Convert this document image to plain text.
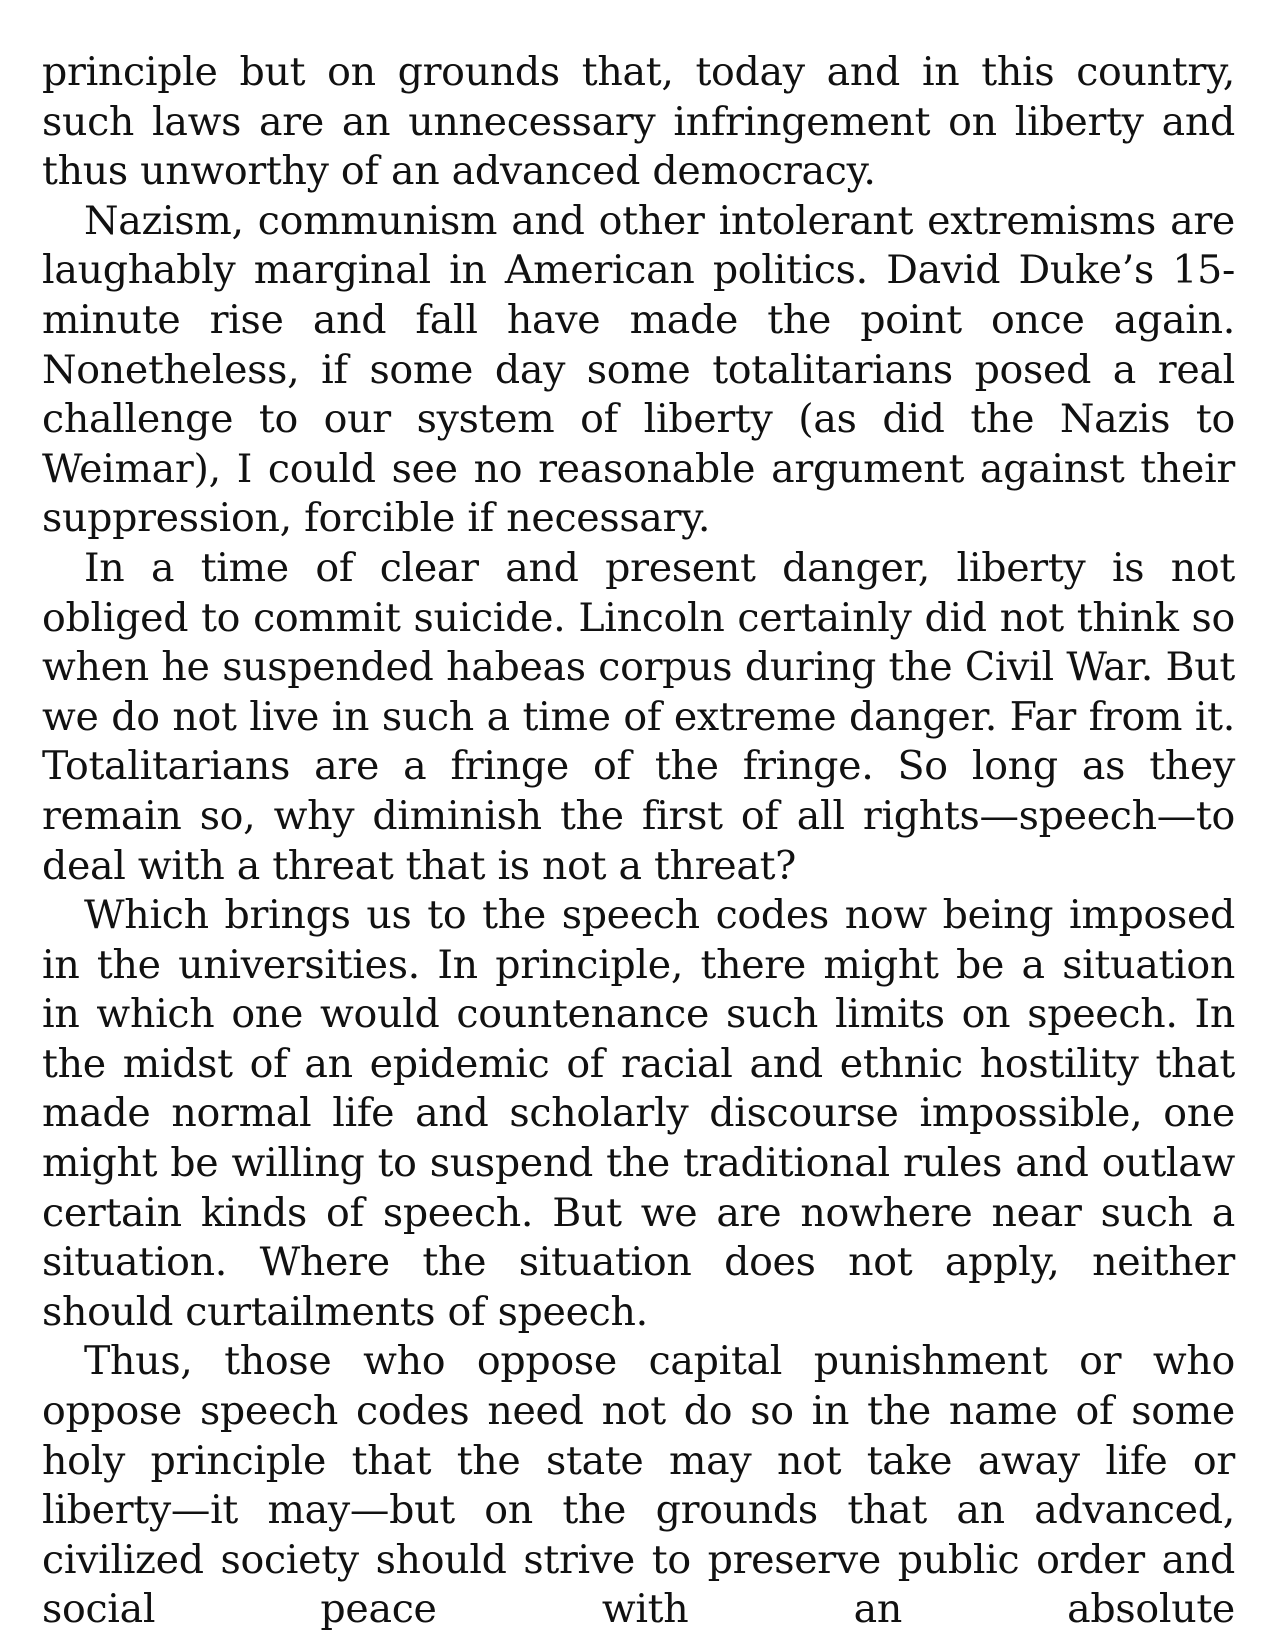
principle but on grounds that, today and in this country, such laws are an unnecessary infringement on liberty and thus unworthy of an advanced democracy.

Nazism, communism and other intolerant extremisms are laughably marginal in American politics. David Duke’s 15-minute rise and fall have made the point once again. Nonetheless, if some day some totalitarians posed a real challenge to our system of liberty (as did the Nazis to Weimar), I could see no reasonable argument against their suppression, forcible if necessary.

In a time of clear and present danger, liberty is not obliged to commit suicide. Lincoln certainly did not think so when he suspended habeas corpus during the Civil War. But we do not live in such a time of extreme danger. Far from it. Totalitarians are a fringe of the fringe. So long as they remain so, why diminish the first of all rights—speech—to deal with a threat that is not a threat?

Which brings us to the speech codes now being imposed in the universities. In principle, there might be a situation in which one would countenance such limits on speech. In the midst of an epidemic of racial and ethnic hostility that made normal life and scholarly discourse impossible, one might be willing to suspend the traditional rules and outlaw certain kinds of speech. But we are nowhere near such a situation. Where the situation does not apply, neither should curtailments of speech.

Thus, those who oppose capital punishment or who oppose speech codes need not do so in the name of some holy principle that the state may not take away life or liberty—it may—but on the grounds that an advanced, civilized society should strive to preserve public order and social peace with an absolute
